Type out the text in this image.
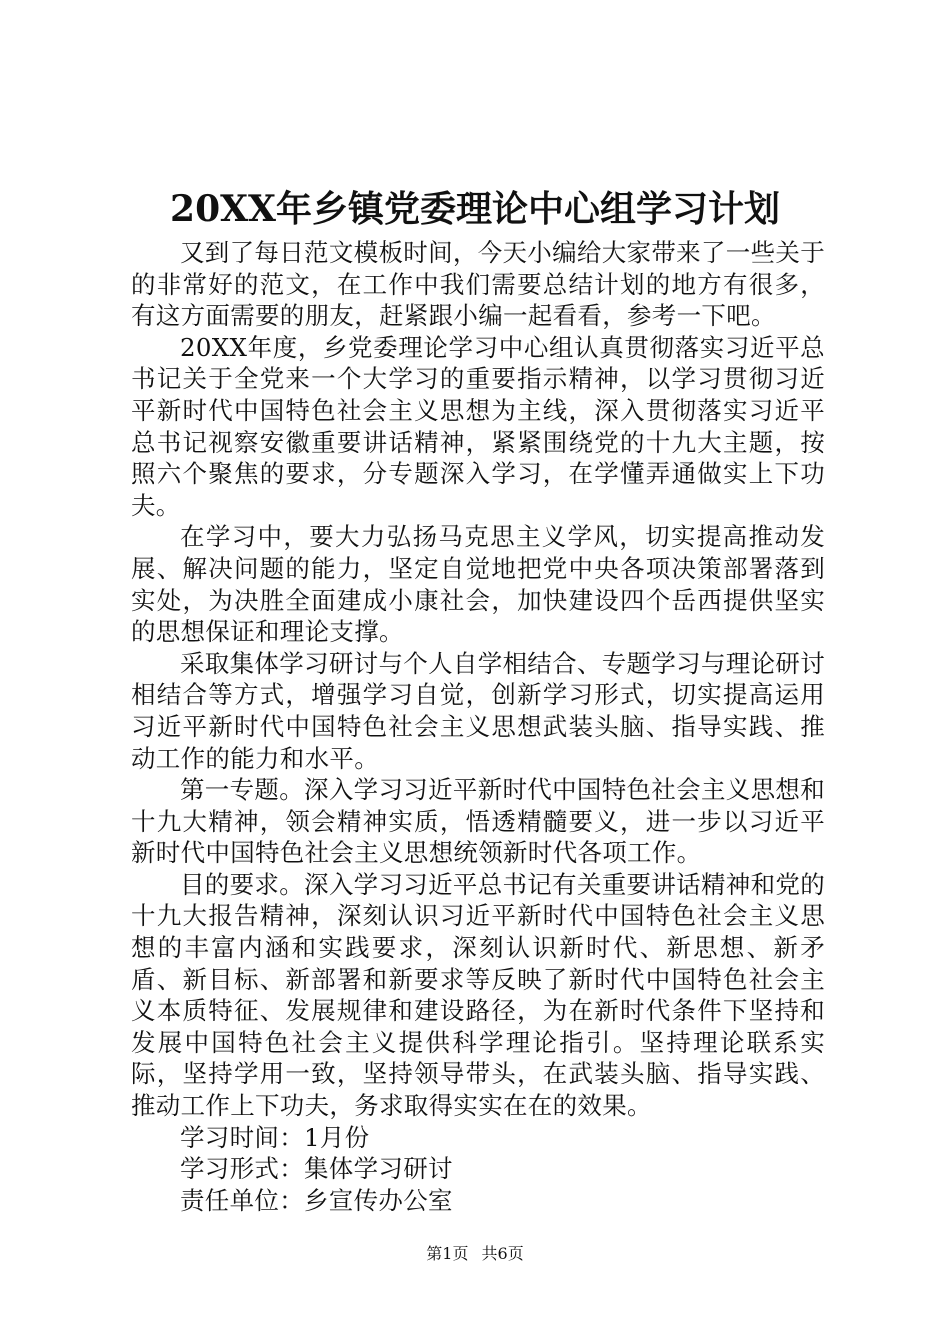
20XX年乡镇党委理论中心组学习计划

又到了每日范文模板时间，今天小编给大家带来了一些关于的非常好的范文，在工作中我们需要总结计划的地方有很多，有这方面需要的朋友，赶紧跟小编一起看看，参考一下吧。

20XX年度，乡党委理论学习中心组认真贯彻落实习近平总书记关于全党来一个大学习的重要指示精神，以学习贯彻习近平新时代中国特色社会主义思想为主线，深入贯彻落实习近平总书记视察安徽重要讲话精神，紧紧围绕党的十九大主题，按照六个聚焦的要求，分专题深入学习，在学懂弄通做实上下功夫。

在学习中，要大力弘扬马克思主义学风，切实提高推动发展、解决问题的能力，坚定自觉地把党中央各项决策部署落到实处，为决胜全面建成小康社会，加快建设四个岳西提供坚实的思想保证和理论支撑。

采取集体学习研讨与个人自学相结合、专题学习与理论研讨相结合等方式，增强学习自觉，创新学习形式，切实提高运用习近平新时代中国特色社会主义思想武装头脑、指导实践、推动工作的能力和水平。

第一专题。深入学习习近平新时代中国特色社会主义思想和十九大精神，领会精神实质，悟透精髓要义，进一步以习近平新时代中国特色社会主义思想统领新时代各项工作。

目的要求。深入学习习近平总书记有关重要讲话精神和党的十九大报告精神，深刻认识习近平新时代中国特色社会主义思想的丰富内涵和实践要求，深刻认识新时代、新思想、新矛盾、新目标、新部署和新要求等反映了新时代中国特色社会主义本质特征、发展规律和建设路径，为在新时代条件下坚持和发展中国特色社会主义提供科学理论指引。坚持理论联系实际，坚持学用一致，坚持领导带头，在武装头脑、指导实践、推动工作上下功夫，务求取得实实在在的效果。

学习时间：1月份

学习形式：集体学习研讨

责任单位：乡宣传办公室

第1页 共6页
